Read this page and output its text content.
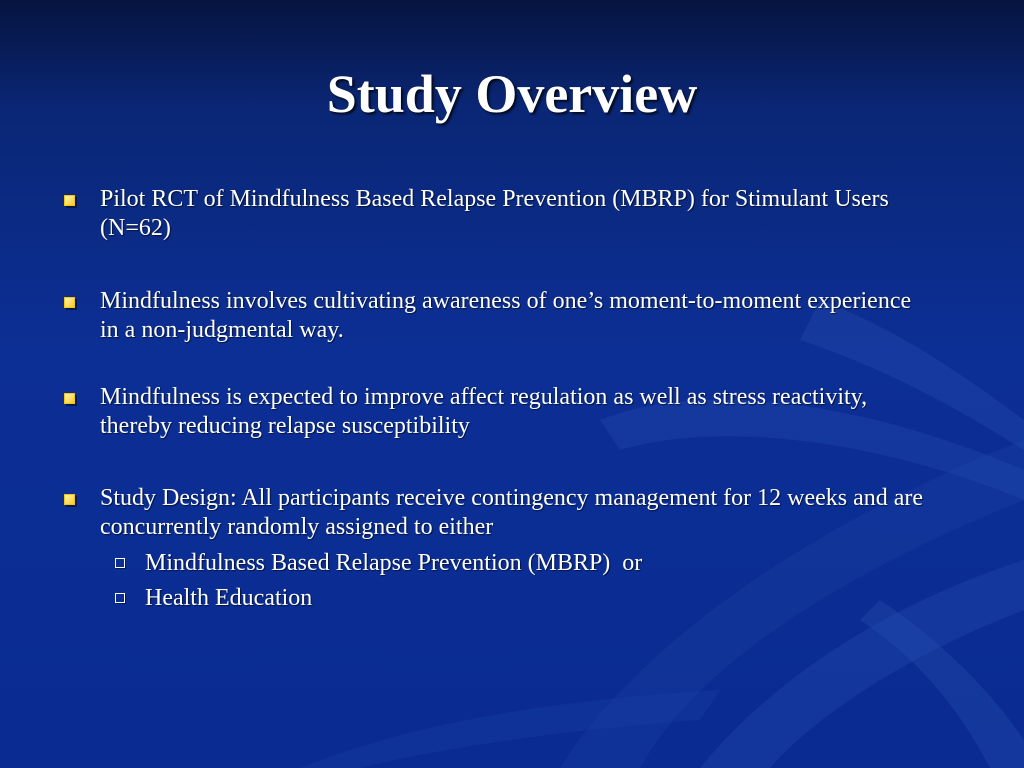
Study Overview
Pilot RCT of Mindfulness Based Relapse Prevention (MBRP) for Stimulant Users (N=62)
Mindfulness involves cultivating awareness of one’s moment-to-moment experience in a non-judgmental way.
Mindfulness is expected to improve affect regulation as well as stress reactivity, thereby reducing relapse susceptibility
Study Design: All participants receive contingency management for 12 weeks and are concurrently randomly assigned to either
Mindfulness Based Relapse Prevention (MBRP)  or
Health Education
